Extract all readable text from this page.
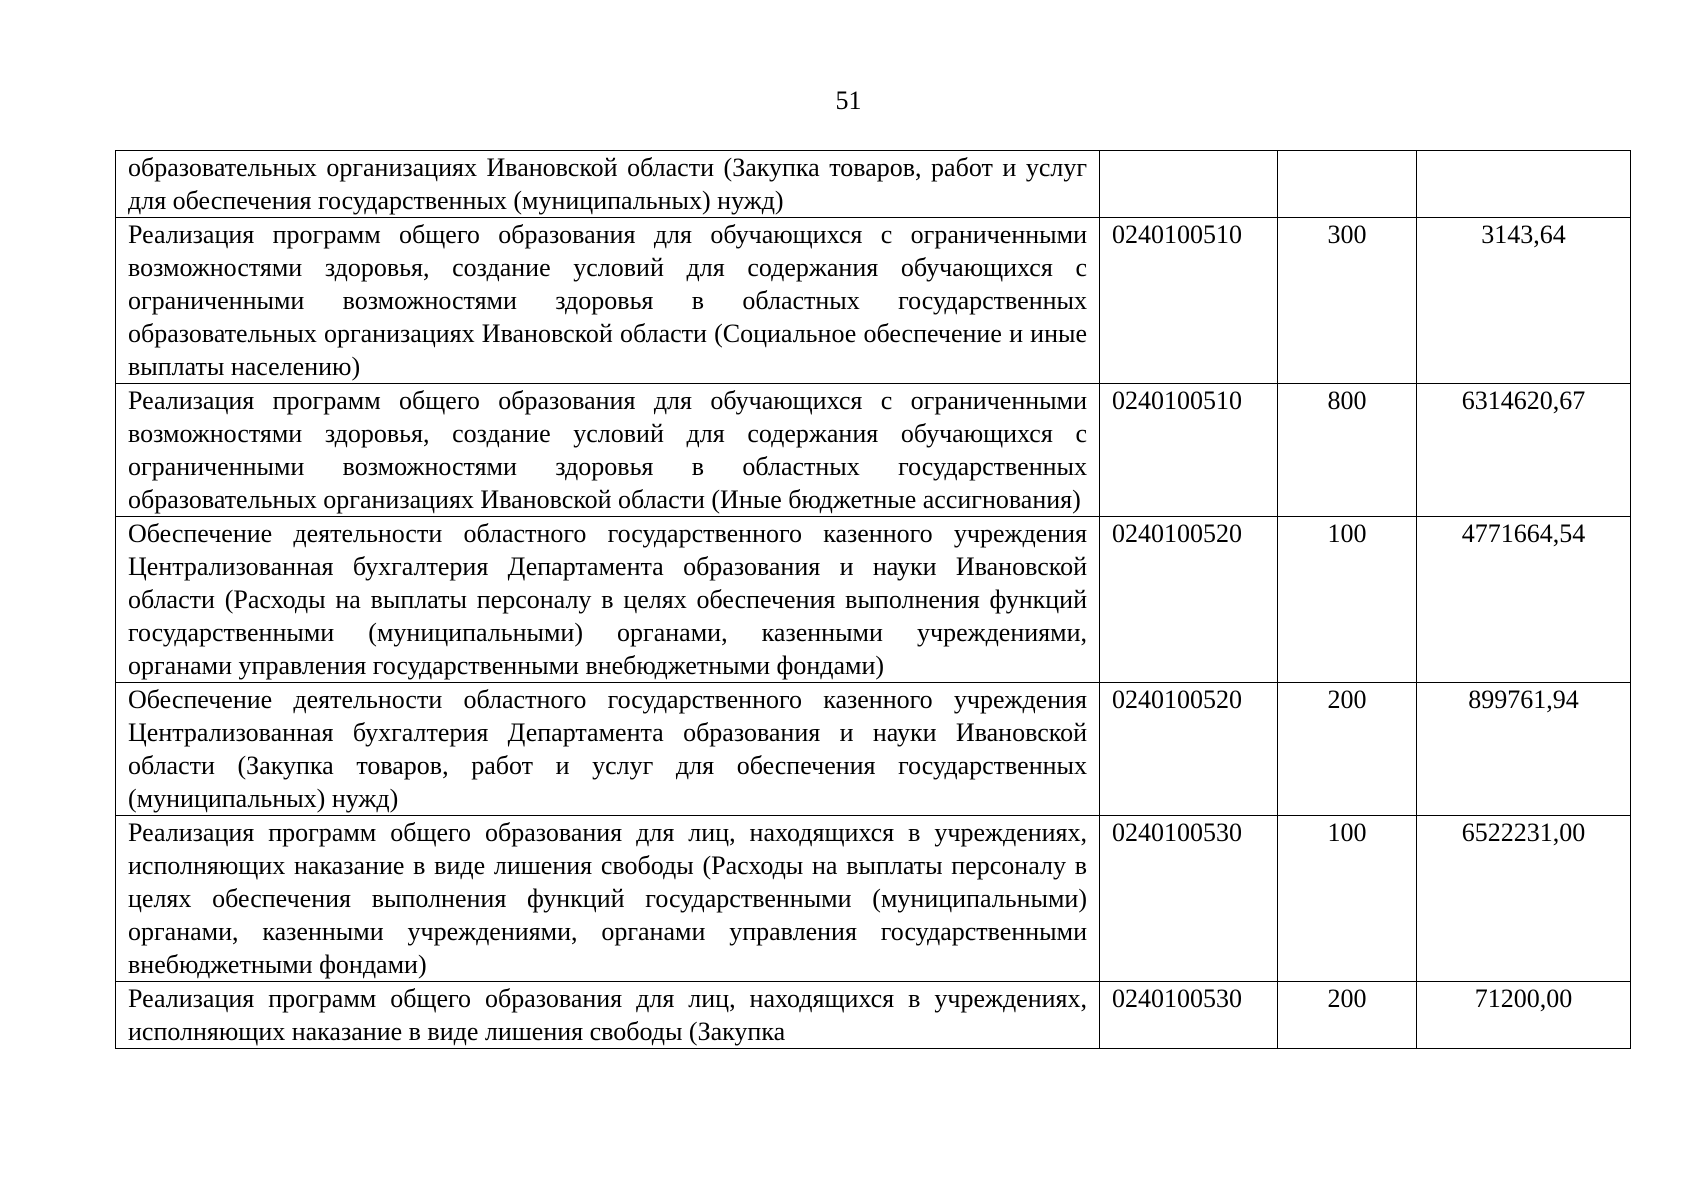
51
образовательных организациях Ивановской области (Закупка товаров, работ и услуг для обеспечения государственных (муниципальных) нужд)			
Реализация программ общего образования для обучающихся с ограниченными возможностями здоровья, создание условий для содержания обучающихся с ограниченными возможностями здоровья в областных государственных образовательных организациях Ивановской области (Социальное обеспечение и иные выплаты населению)	0240100510	300	3143,64
Реализация программ общего образования для обучающихся с ограниченными возможностями здоровья, создание условий для содержания обучающихся с ограниченными возможностями здоровья в областных государственных образовательных организациях Ивановской области (Иные бюджетные ассигнования)	0240100510	800	6314620,67
Обеспечение деятельности областного государственного казенного учреждения Централизованная бухгалтерия Департамента образования и науки Ивановской области (Расходы на выплаты персоналу в целях обеспечения выполнения функций государственными (муниципальными) органами, казенными учреждениями, органами управления государственными внебюджетными фондами)	0240100520	100	4771664,54
Обеспечение деятельности областного государственного казенного учреждения Централизованная бухгалтерия Департамента образования и науки Ивановской области (Закупка товаров, работ и услуг для обеспечения государственных (муниципальных) нужд)	0240100520	200	899761,94
Реализация программ общего образования для лиц, находящихся в учреждениях, исполняющих наказание в виде лишения свободы (Расходы на выплаты персоналу в целях обеспечения выполнения функций государственными (муниципальными) органами, казенными учреждениями, органами управления государственными внебюджетными фондами)	0240100530	100	6522231,00
Реализация программ общего образования для лиц, находящихся в учреждениях, исполняющих наказание в виде лишения свободы (Закупка	0240100530	200	71200,00
